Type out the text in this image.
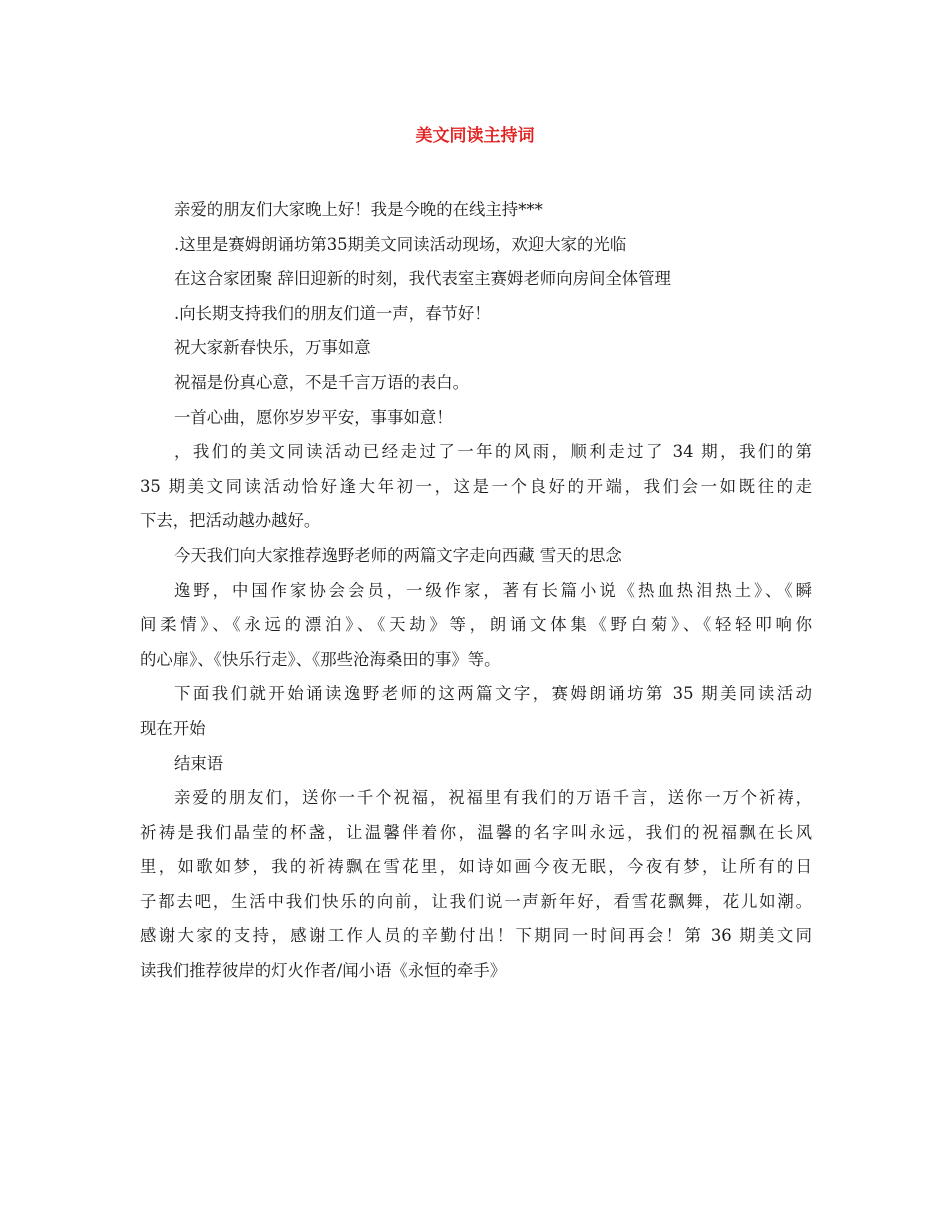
美文同读主持词
亲爱的朋友们大家晚上好！我是今晚的在线主持***
.这里是赛姆朗诵坊第35期美文同读活动现场，欢迎大家的光临
在这合家团聚 辞旧迎新的时刻，我代表室主赛姆老师向房间全体管理
.向长期支持我们的朋友们道一声，春节好！
祝大家新春快乐，万事如意
祝福是份真心意，不是千言万语的表白。
一首心曲，愿你岁岁平安，事事如意！
，我们的美文同读活动已经走过了一年的风雨，顺利走过了 34 期，我们的第
35 期美文同读活动恰好逢大年初一，这是一个良好的开端，我们会一如既往的走
下去，把活动越办越好。
今天我们向大家推荐逸野老师的两篇文字走向西藏 雪天的思念
逸野，中国作家协会会员，一级作家，著有长篇小说《热血热泪热土》、《瞬
间柔情》、《永远的漂泊》、《天劫》等，朗诵文体集《野白菊》、《轻轻叩响你
的心扉》、《快乐行走》、《那些沧海桑田的事》等。
下面我们就开始诵读逸野老师的这两篇文字，赛姆朗诵坊第 35 期美同读活动
现在开始
结束语
亲爱的朋友们，送你一千个祝福，祝福里有我们的万语千言，送你一万个祈祷，
祈祷是我们晶莹的杯盏，让温馨伴着你，温馨的名字叫永远，我们的祝福飘在长风
里，如歌如梦，我的祈祷飘在雪花里，如诗如画今夜无眠，今夜有梦，让所有的日
子都去吧，生活中我们快乐的向前，让我们说一声新年好，看雪花飘舞，花儿如潮。
感谢大家的支持，感谢工作人员的辛勤付出！下期同一时间再会！第 36 期美文同
读我们推荐彼岸的灯火作者/闻小语《永恒的牵手》
